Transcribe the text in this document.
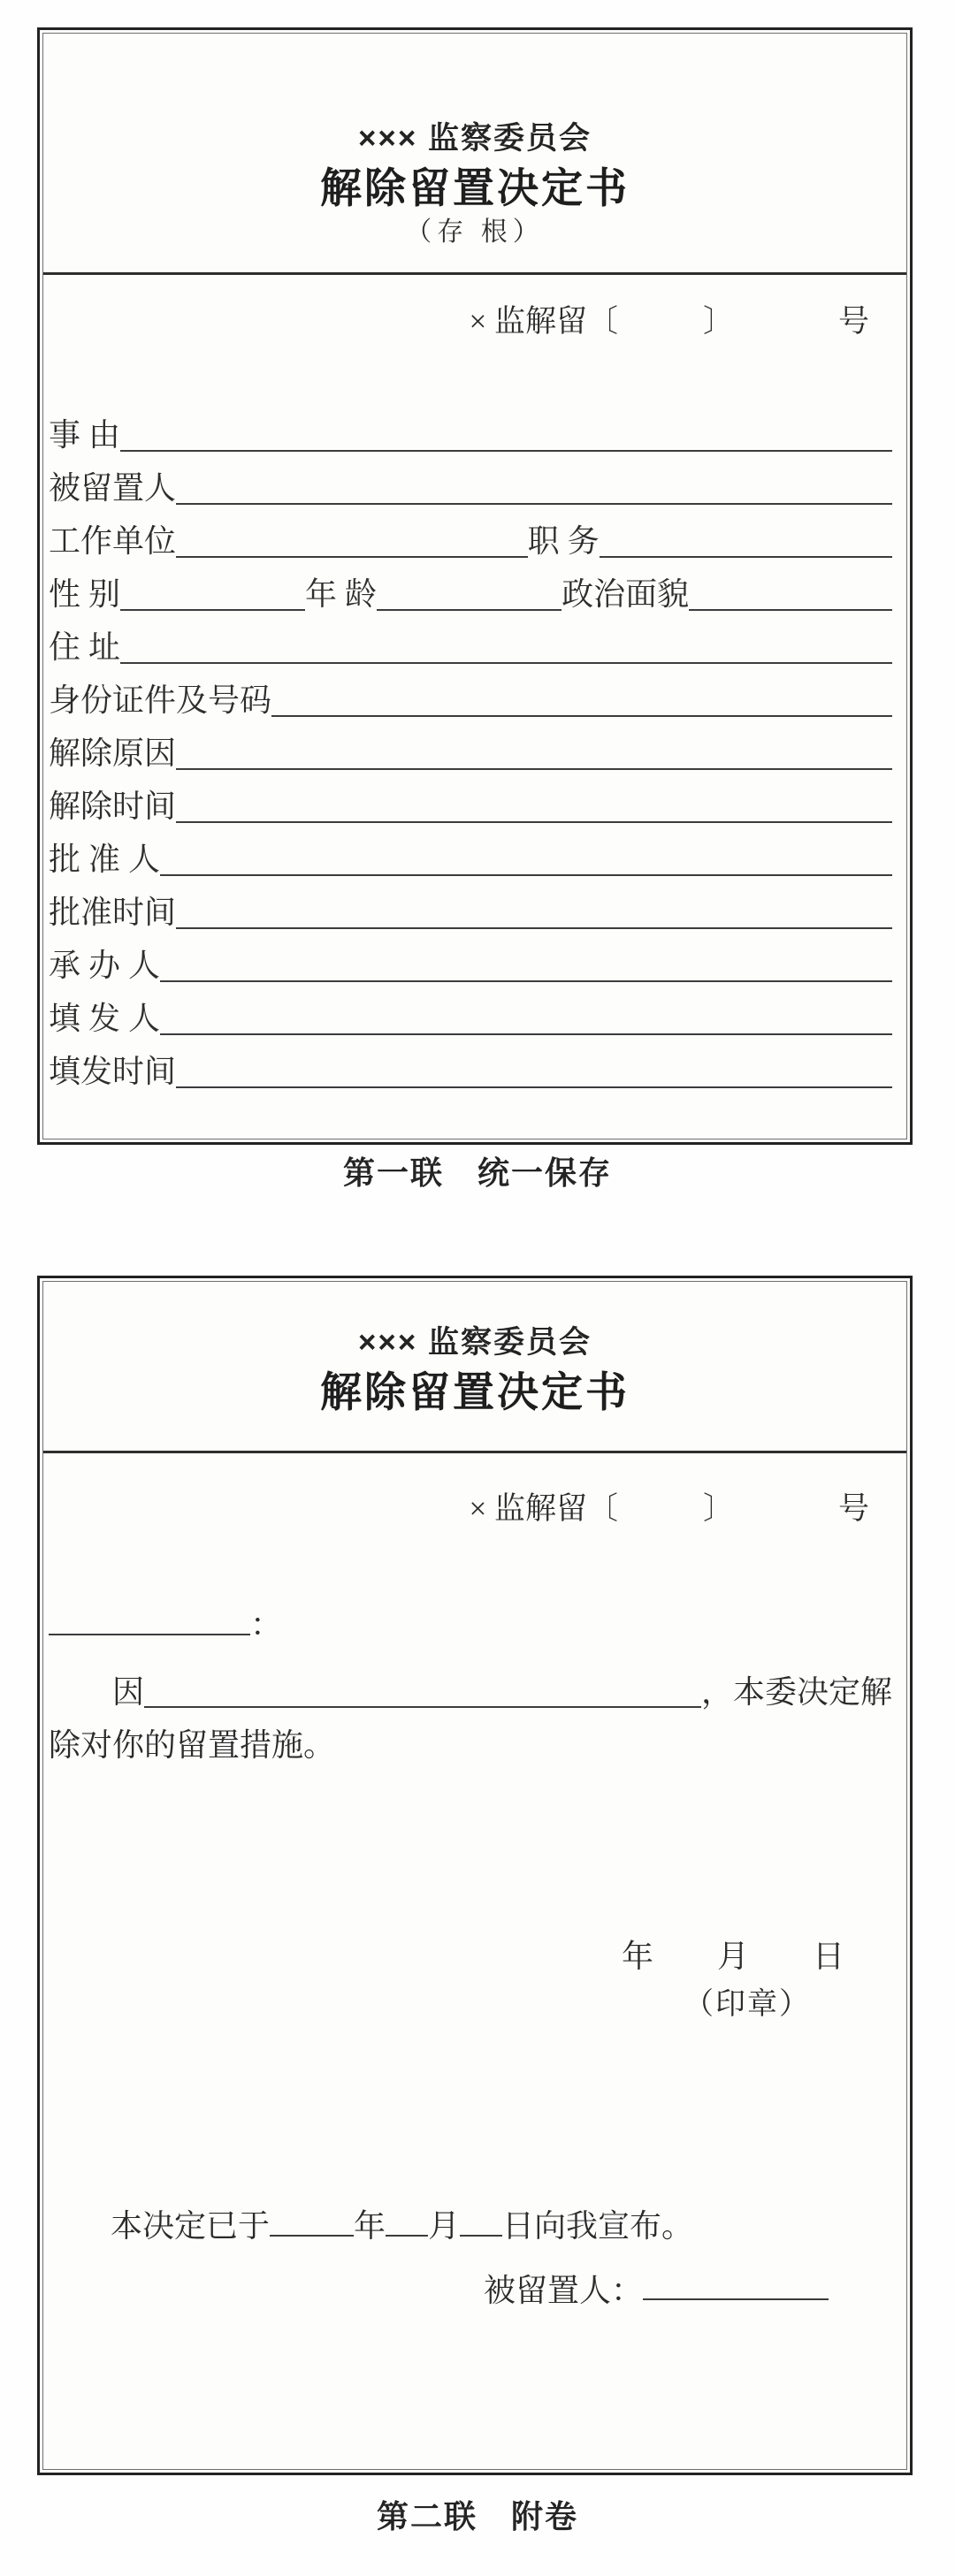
××× 监察委员会
解除留置决定书
（存 根）
× 监解留〔	〕	号
事 由
被留置人
工作单位	职 务
性 别	年 龄	政治面貌
住 址
身份证件及号码
解除原因
解除时间
批 准 人
批准时间
承 办 人
填 发 人
填发时间
第一联　统一保存
××× 监察委员会
解除留置决定书
× 监解留〔	〕	号
：
因	，本委决定解
除对你的留置措施。
年　　月　　日
（印章）
本决定已于	年 月 日向我宣布。
被留置人：
第二联　附卷
